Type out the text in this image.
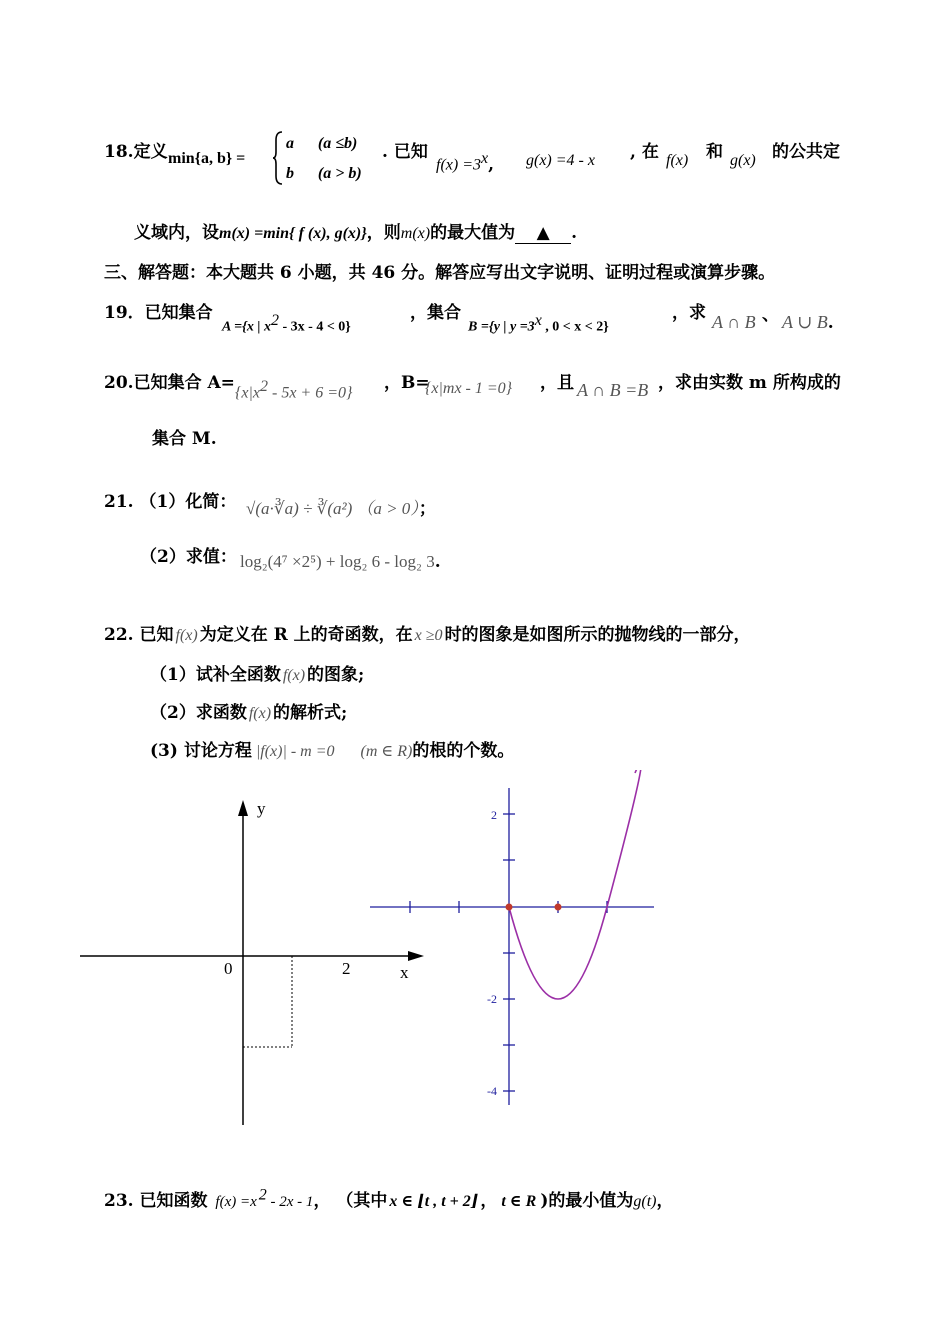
18.定义 min{a, b} =
a (a ≤b)
b (a > b)
. 已知
$f(x) =3^x$, g(x) =4 - x , 在 f(x) 和 g(x) 的公共定
义域内，设m(x) =min{ f (x), g(x)}，则m(x)的最大值为 ▲ .
三、解答题：本大题共 6 小题，共 46 分。解答应写出文字说明、证明过程或演算步骤。
19．已知集合
A ={x | $x^2 - 3x - 4 < 0$}
，集合
B ={y | $y =3^x$ , 0 < x < 2}
，求 A ∩ B 、 A ∪ B.
20.已知集合 A=
$\{x|x^2 - 5x + 6 =0\}$
，B=
{x|mx - 1 =0} ，且 A ∩ B =B ，求由实数 m 所构成的
集合 M.
21. （1）化简： √(a·∛a) ÷ ∛(a²) （a > 0）；
（2）求值： log₂(4⁷ ×2⁵) + log₂ 6 - log₂ 3.
22. 已知 f(x) 为定义在 R 上的奇函数，在 x ≥0 时的图象是如图所示的抛物线的一部分，
（1）试补全函数 f(x) 的图象;
（2）求函数 f(x) 的解析式;
(3) 讨论方程 |f(x)| - m =0 (m ∈ R)的根的个数。
y
x
0	2
2
-2
-4
23. 已知函数 f(x) =x $^2$ - 2x - 1， （其中 x ∈ ⌊t , t + 2⌋ ， t ∈ R )的最小值为g(t)，
